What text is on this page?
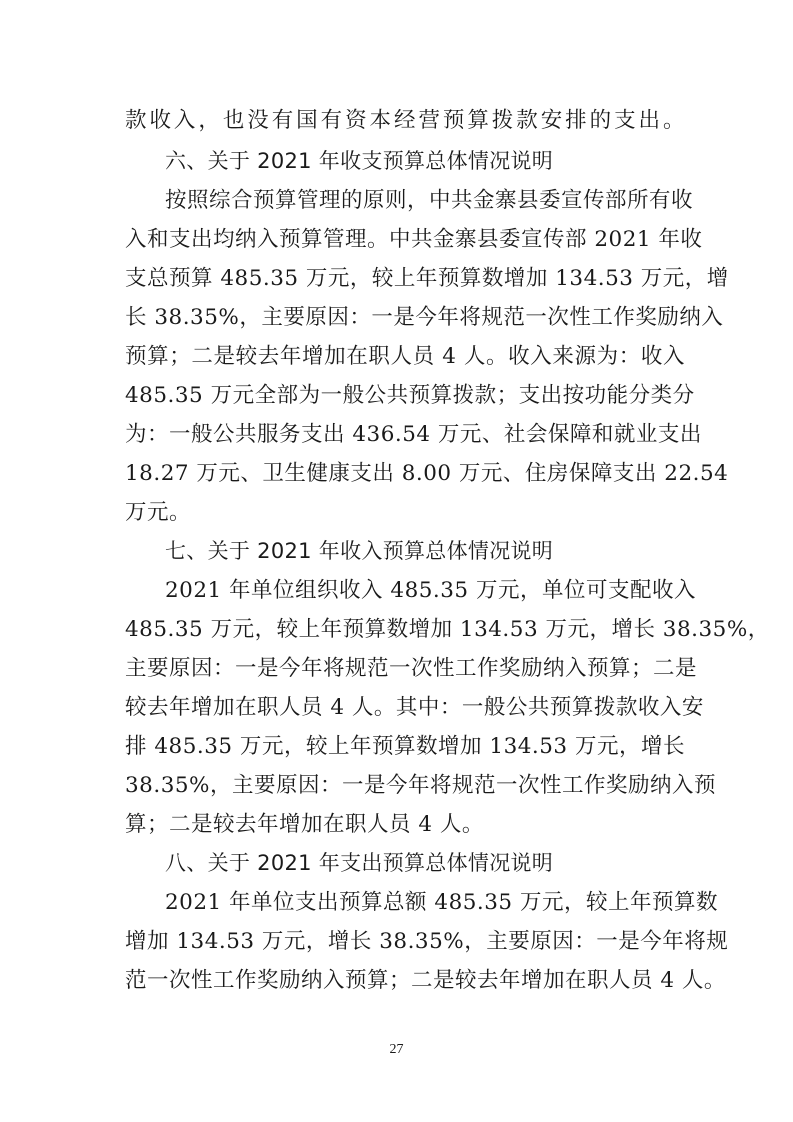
款收入，也没有国有资本经营预算拨款安排的支出。
六、关于 2021 年收支预算总体情况说明
按照综合预算管理的原则，中共金寨县委宣传部所有收
入和支出均纳入预算管理。中共金寨县委宣传部 2021 年收
支总预算 485.35 万元，较上年预算数增加 134.53 万元，增
长 38.35%，主要原因：一是今年将规范一次性工作奖励纳入
预算；二是较去年增加在职人员 4 人。收入来源为：收入
485.35 万元全部为一般公共预算拨款；支出按功能分类分
为：一般公共服务支出 436.54 万元、社会保障和就业支出
18.27 万元、卫生健康支出 8.00 万元、住房保障支出 22.54
万元。
七、关于 2021 年收入预算总体情况说明
2021 年单位组织收入 485.35 万元，单位可支配收入
485.35 万元，较上年预算数增加 134.53 万元，增长 38.35%，
主要原因：一是今年将规范一次性工作奖励纳入预算；二是
较去年增加在职人员 4 人。其中：一般公共预算拨款收入安
排 485.35 万元，较上年预算数增加 134.53 万元，增长
38.35%，主要原因：一是今年将规范一次性工作奖励纳入预
算；二是较去年增加在职人员 4 人。
八、关于 2021 年支出预算总体情况说明
2021 年单位支出预算总额 485.35 万元，较上年预算数
增加 134.53 万元，增长 38.35%，主要原因：一是今年将规
范一次性工作奖励纳入预算；二是较去年增加在职人员 4 人。
27
